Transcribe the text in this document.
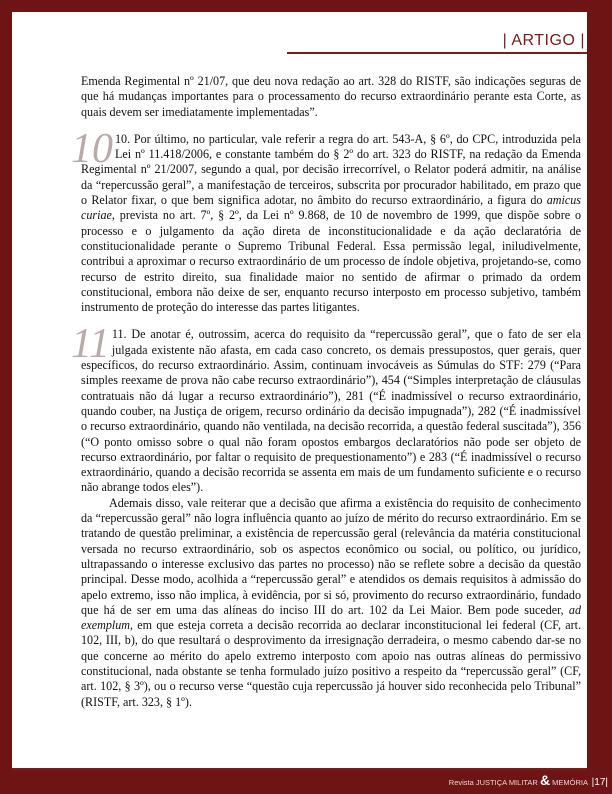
| ARTIGO |

Emenda Regimental nº 21/07, que deu nova redação ao art. 328 do RISTF, são indicações seguras de que há mudanças importantes para o processamento do recurso extraordinário perante esta Corte, as quais devem ser imediatamente implementadas”.

10 10. Por último, no particular, vale referir a regra do art. 543-A, § 6º, do CPC, introduzida pela Lei nº 11.418/2006, e constante também do § 2º do art. 323 do RISTF, na redação da Emenda Regimental nº 21/2007, segundo a qual, por decisão irrecorrível, o Relator poderá admitir, na análise da “repercussão geral”, a manifestação de terceiros, subscrita por procurador habilitado, em prazo que o Relator fixar, o que bem significa adotar, no âmbito do recurso extraordinário, a figura do amicus curiae, prevista no art. 7º, § 2º, da Lei nº 9.868, de 10 de novembro de 1999, que dispõe sobre o processo e o julgamento da ação direta de inconstitucionalidade e da ação declaratória de constitucionalidade perante o Supremo Tribunal Federal. Essa permissão legal, iniludivelmente, contribui a aproximar o recurso extraordinário de um processo de índole objetiva, projetando-se, como recurso de estrito direito, sua finalidade maior no sentido de afirmar o primado da ordem constitucional, embora não deixe de ser, enquanto recurso interposto em processo subjetivo, também instrumento de proteção do interesse das partes litigantes.

11 11. De anotar é, outrossim, acerca do requisito da “repercussão geral”, que o fato de ser ela julgada existente não afasta, em cada caso concreto, os demais pressupostos, quer gerais, quer específicos, do recurso extraordinário. Assim, continuam invocáveis as Súmulas do STF: 279 (“Para simples reexame de prova não cabe recurso extraordinário”), 454 (“Simples interpretação de cláusulas contratuais não dá lugar a recurso extraordinário”), 281 (“É inadmissível o recurso extraordinário, quando couber, na Justiça de origem, recurso ordinário da decisão impugnada”), 282 (“É inadmissível o recurso extraordinário, quando não ventilada, na decisão recorrida, a questão federal suscitada”), 356 (“O ponto omisso sobre o qual não foram opostos embargos declaratórios não pode ser objeto de recurso extraordinário, por faltar o requisito de prequestionamento”) e 283 (“É inadmissível o recurso extraordinário, quando a decisão recorrida se assenta em mais de um fundamento suficiente e o recurso não abrange todos eles”).

Ademais disso, vale reiterar que a decisão que afirma a existência do requisito de conhecimento da “repercussão geral” não logra influência quanto ao juízo de mérito do recurso extraordinário. Em se tratando de questão preliminar, a existência de repercussão geral (relevância da matéria constitucional versada no recurso extraordinário, sob os aspectos econômico ou social, ou político, ou jurídico, ultrapassando o interesse exclusivo das partes no processo) não se reflete sobre a decisão da questão principal. Desse modo, acolhida a “repercussão geral” e atendidos os demais requisitos à admissão do apelo extremo, isso não implica, à evidência, por si só, provimento do recurso extraordinário, fundado que há de ser em uma das alíneas do inciso III do art. 102 da Lei Maior. Bem pode suceder, ad exemplum, em que esteja correta a decisão recorrida ao declarar inconstitucional lei federal (CF, art. 102, III, b), do que resultará o desprovimento da irresignação derradeira, o mesmo cabendo dar-se no que concerne ao mérito do apelo extremo interposto com apoio nas outras alíneas do permissivo constitucional, nada obstante se tenha formulado juízo positivo a respeito da “repercussão geral” (CF, art. 102, § 3º), ou o recurso verse “questão cuja repercussão já houver sido reconhecida pelo Tribunal” (RISTF, art. 323, § 1º).

Revista JUSTIÇA MILITAR & MEMÓRIA |17|
